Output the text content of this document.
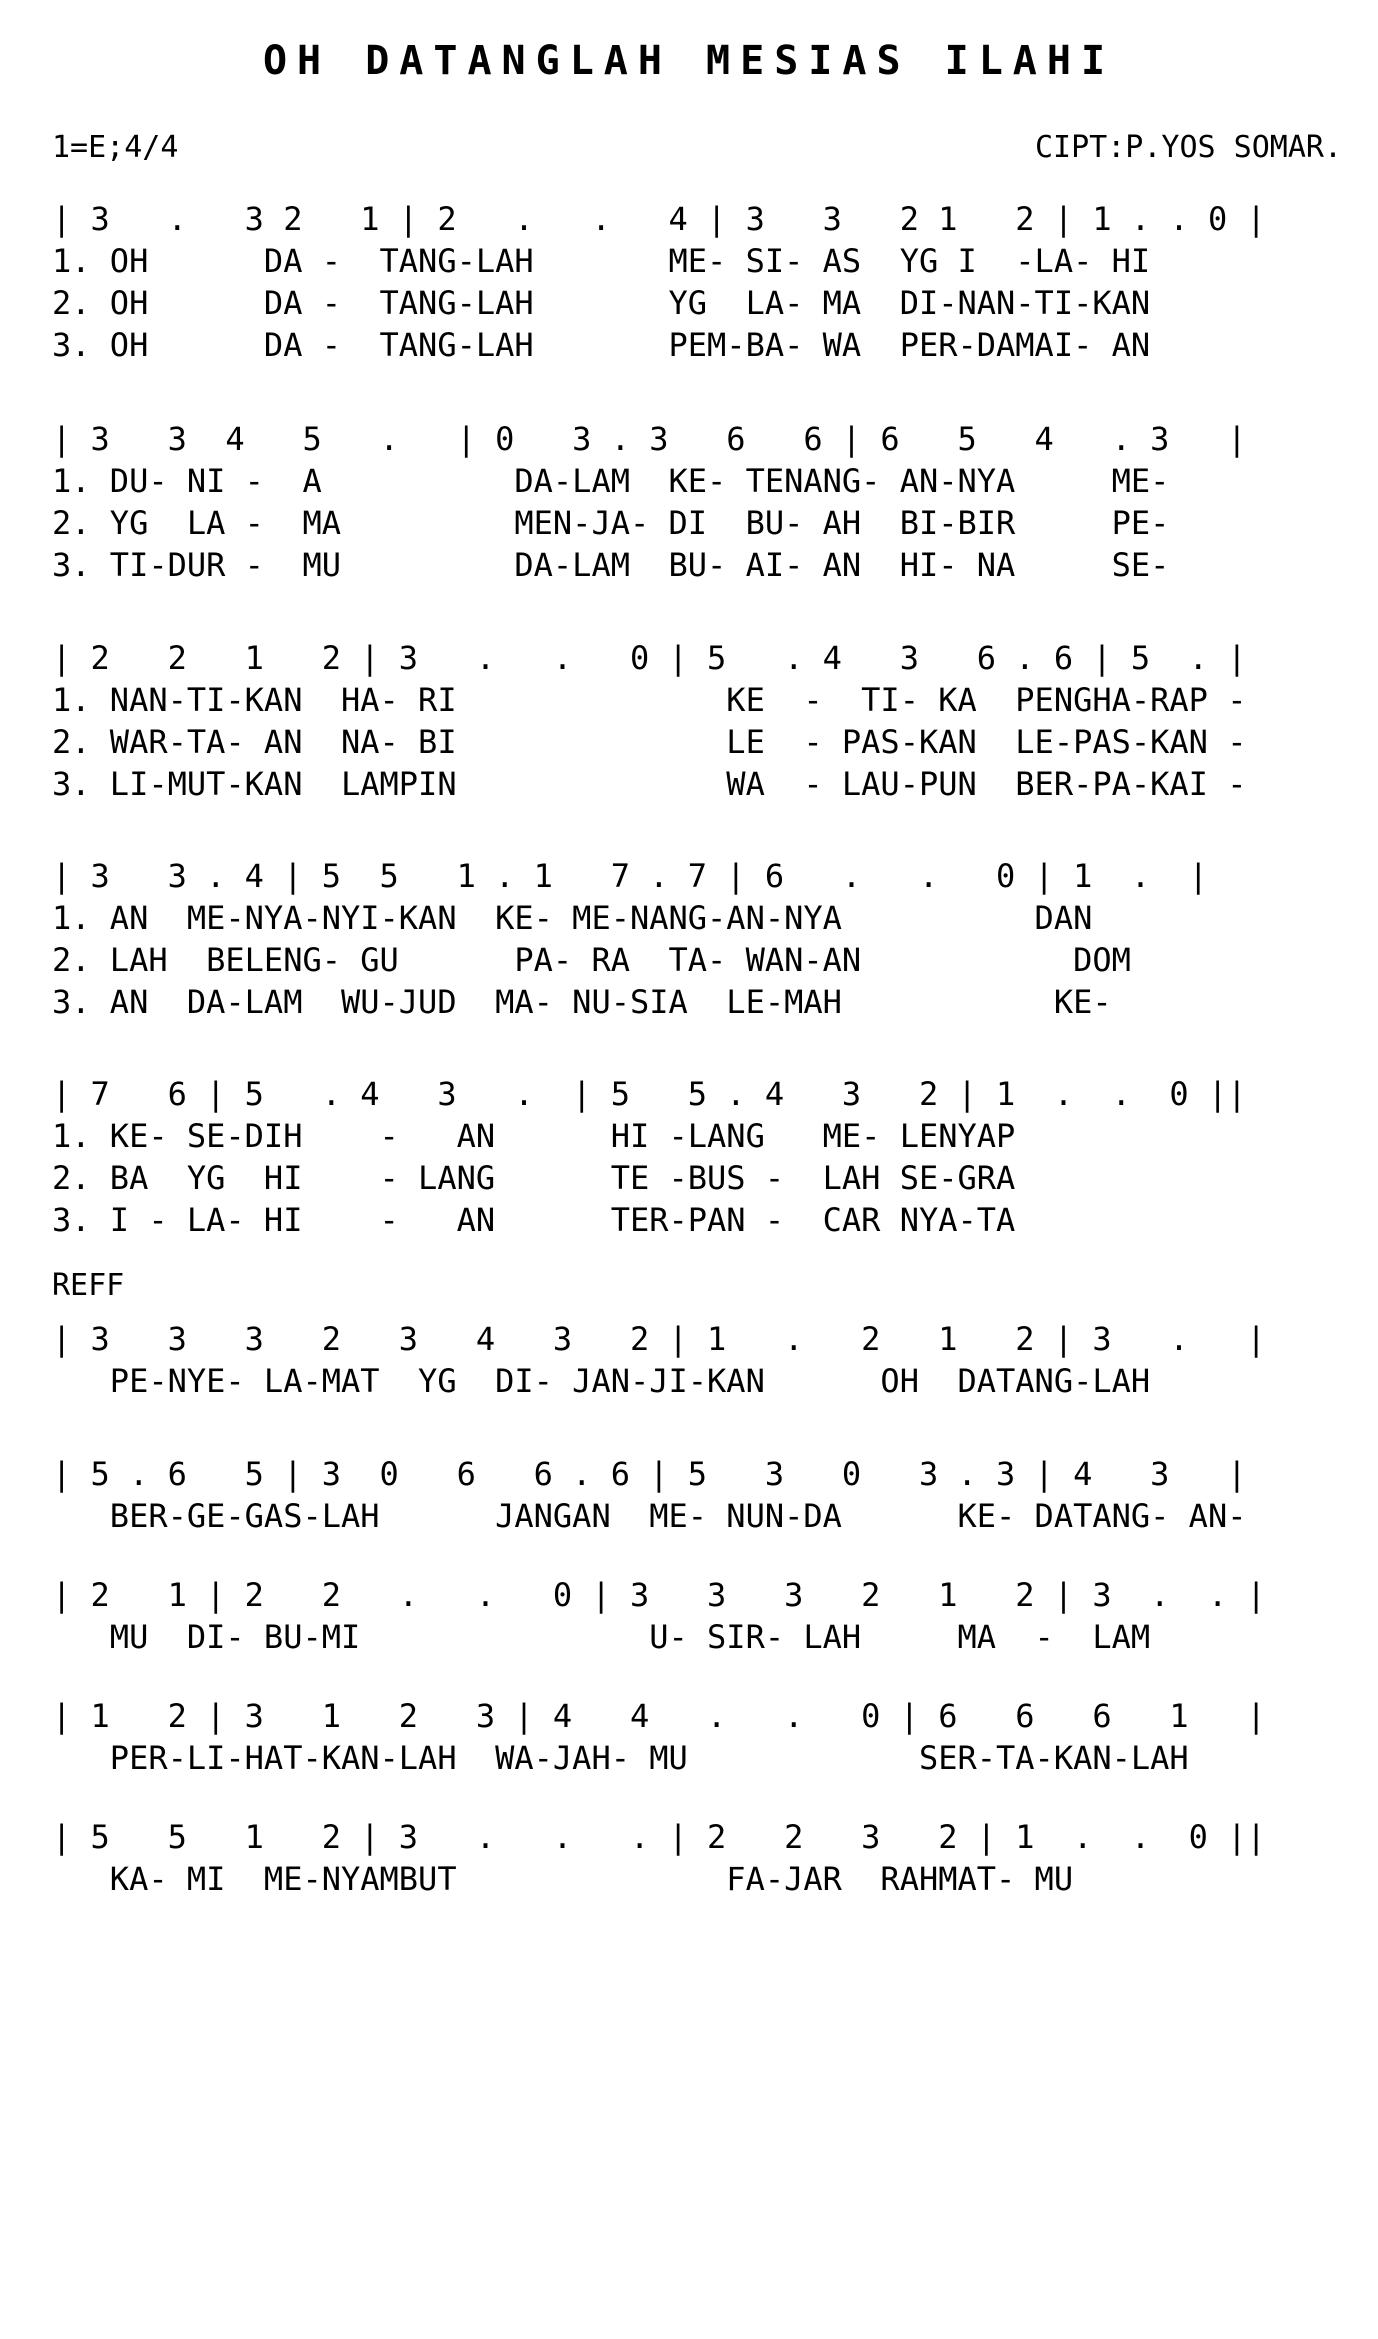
OH DATANGLAH MESIAS ILAHI
1=E;4/4	CIPT:P.YOS SOMAR.
| 3   .   3 2   1 | 2   .   .   4 | 3   3   2 1   2 | 1 . . 0 |
1. OH      DA -  TANG-LAH       ME- SI- AS  YG I  -LA- HI
2. OH      DA -  TANG-LAH       YG  LA- MA  DI-NAN-TI-KAN
3. OH      DA -  TANG-LAH       PEM-BA- WA  PER-DAMAI- AN
| 3   3  4   5   .   | 0   3 . 3   6   6 | 6   5   4   . 3   |
1. DU- NI -  A          DA-LAM  KE- TENANG- AN-NYA     ME-
2. YG  LA -  MA         MEN-JA- DI  BU- AH  BI-BIR     PE-
3. TI-DUR -  MU         DA-LAM  BU- AI- AN  HI- NA     SE-
| 2   2   1   2 | 3   .   .   0 | 5   . 4   3   6 . 6 | 5  . |
1. NAN-TI-KAN  HA- RI              KE  -  TI- KA  PENGHA-RAP -
2. WAR-TA- AN  NA- BI              LE  - PAS-KAN  LE-PAS-KAN -
3. LI-MUT-KAN  LAMPIN              WA  - LAU-PUN  BER-PA-KAI -
| 3   3 . 4 | 5  5   1 . 1   7 . 7 | 6   .   .   0 | 1  .  |
1. AN  ME-NYA-NYI-KAN  KE- ME-NANG-AN-NYA          DAN
2. LAH  BELENG- GU      PA- RA  TA- WAN-AN           DOM
3. AN  DA-LAM  WU-JUD  MA- NU-SIA  LE-MAH           KE-
| 7   6 | 5   . 4   3   .  | 5   5 . 4   3   2 | 1  .  .  0 ||
1. KE- SE-DIH    -   AN      HI -LANG   ME- LENYAP
2. BA  YG  HI    - LANG      TE -BUS -  LAH SE-GRA
3. I - LA- HI    -   AN      TER-PAN -  CAR NYA-TA
REFF
| 3   3   3   2   3   4   3   2 | 1   .   2   1   2 | 3   .   |
PE-NYE- LA-MAT  YG  DI- JAN-JI-KAN      OH  DATANG-LAH
| 5 . 6   5 | 3  0   6   6 . 6 | 5   3   0   3 . 3 | 4   3   |
BER-GE-GAS-LAH      JANGAN  ME- NUN-DA      KE- DATANG- AN-
| 2   1 | 2   2   .   .   0 | 3   3   3   2   1   2 | 3  .  . |
MU  DI- BU-MI               U- SIR- LAH     MA  -  LAM
| 1   2 | 3   1   2   3 | 4   4   .   .   0 | 6   6   6   1   |
PER-LI-HAT-KAN-LAH  WA-JAH- MU            SER-TA-KAN-LAH
| 5   5   1   2 | 3   .   .   . | 2   2   3   2 | 1  .  .  0 ||
KA- MI  ME-NYAMBUT              FA-JAR  RAHMAT- MU
